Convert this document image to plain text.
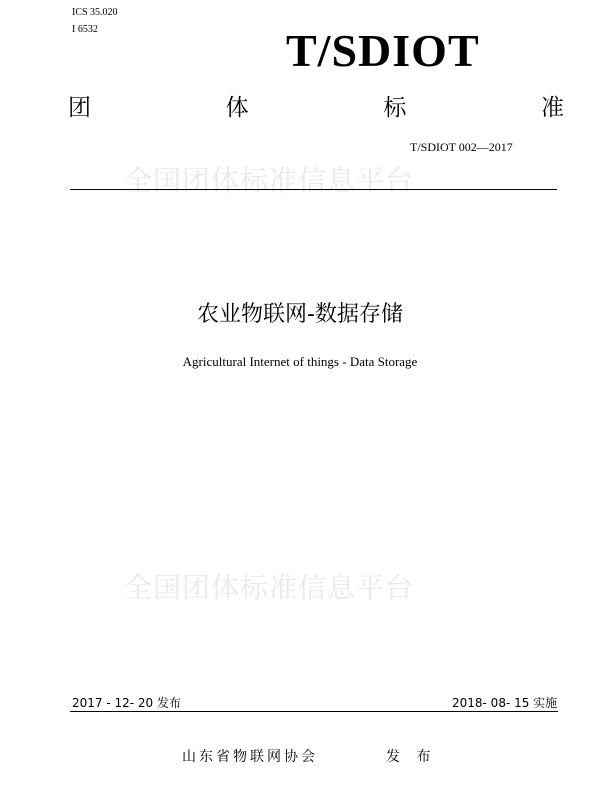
ICS 35.020
I 6532	T/SDIOT
团	体	标	准
T/SDIOT 002—2017
全国团体标准信息平台
农业物联网-数据存储
Agricultural Internet of things - Data Storage
全国团体标准信息平台
2017 - 12- 20 发布	2018- 08- 15 实施
山东省物联网协会	发 布
